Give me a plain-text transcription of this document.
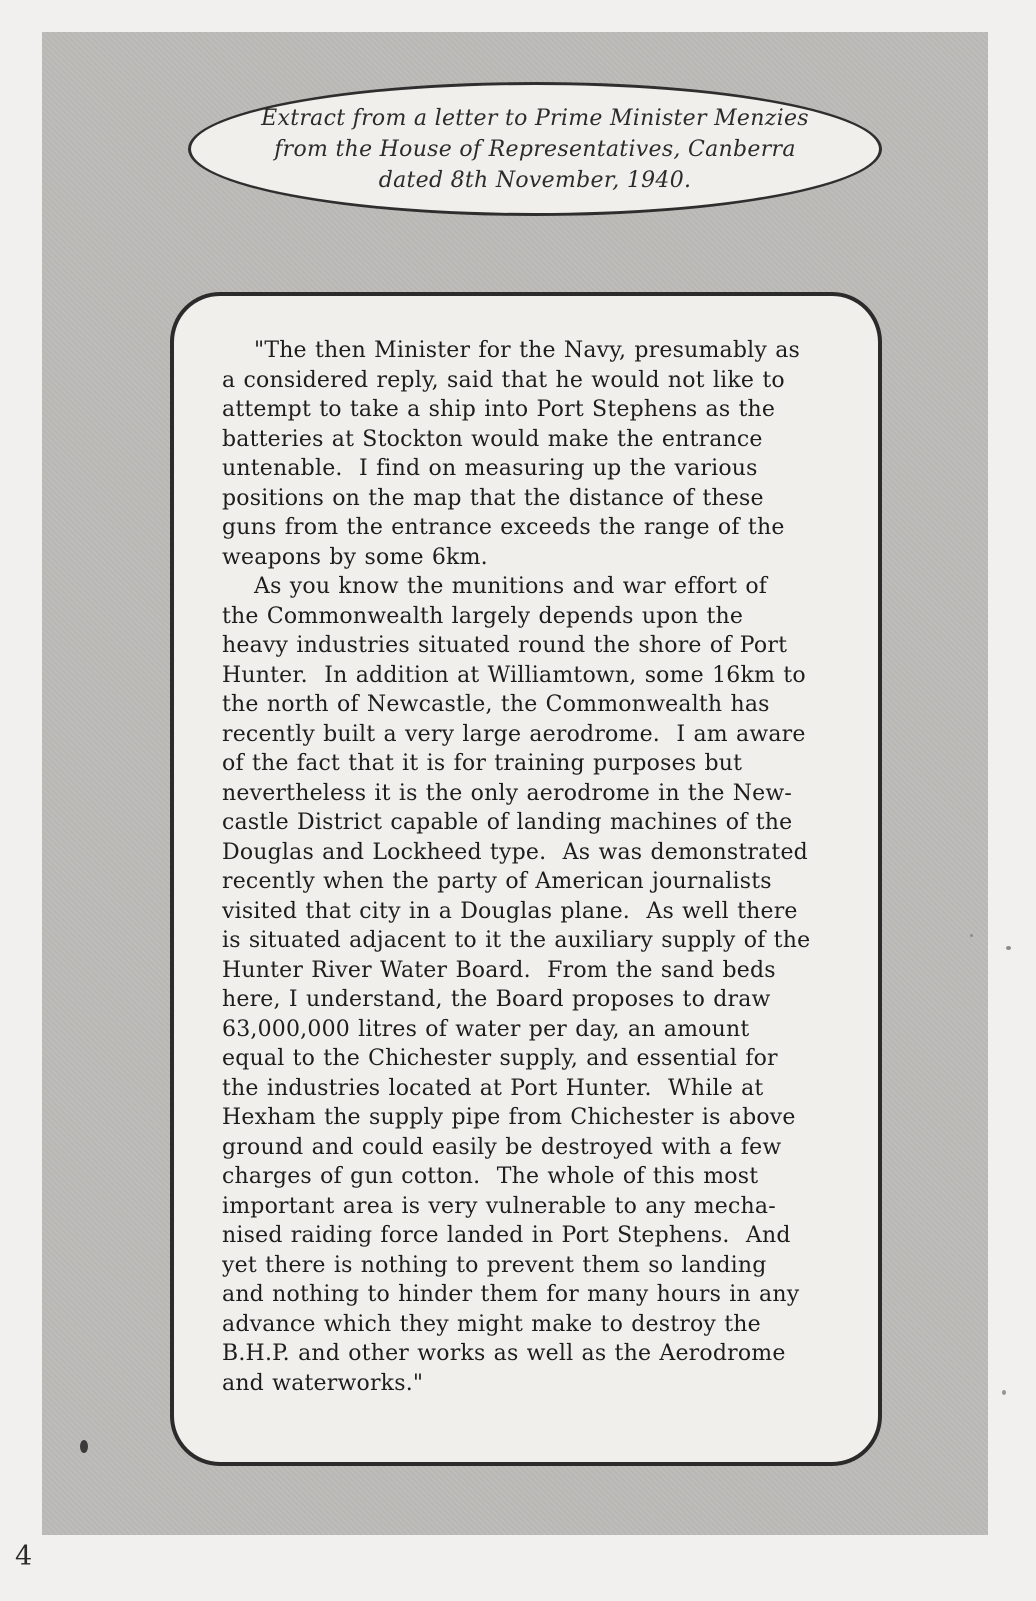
Extract from a letter to Prime Minister Menzies
from the House of Representatives, Canberra
dated 8th November, 1940.
"The then Minister for the Navy, presumably as
a considered reply, said that he would not like to
attempt to take a ship into Port Stephens as the
batteries at Stockton would make the entrance
untenable.  I find on measuring up the various
positions on the map that the distance of these
guns from the entrance exceeds the range of the
weapons by some 6km.
As you know the munitions and war effort of
the Commonwealth largely depends upon the
heavy industries situated round the shore of Port
Hunter.  In addition at Williamtown, some 16km to
the north of Newcastle, the Commonwealth has
recently built a very large aerodrome.  I am aware
of the fact that it is for training purposes but
nevertheless it is the only aerodrome in the New-
castle District capable of landing machines of the
Douglas and Lockheed type.  As was demonstrated
recently when the party of American journalists
visited that city in a Douglas plane.  As well there
is situated adjacent to it the auxiliary supply of the
Hunter River Water Board.  From the sand beds
here, I understand, the Board proposes to draw
63,000,000 litres of water per day, an amount
equal to the Chichester supply, and essential for
the industries located at Port Hunter.  While at
Hexham the supply pipe from Chichester is above
ground and could easily be destroyed with a few
charges of gun cotton.  The whole of this most
important area is very vulnerable to any mecha-
nised raiding force landed in Port Stephens.  And
yet there is nothing to prevent them so landing
and nothing to hinder them for many hours in any
advance which they might make to destroy the
B.H.P. and other works as well as the Aerodrome
and waterworks."
4
